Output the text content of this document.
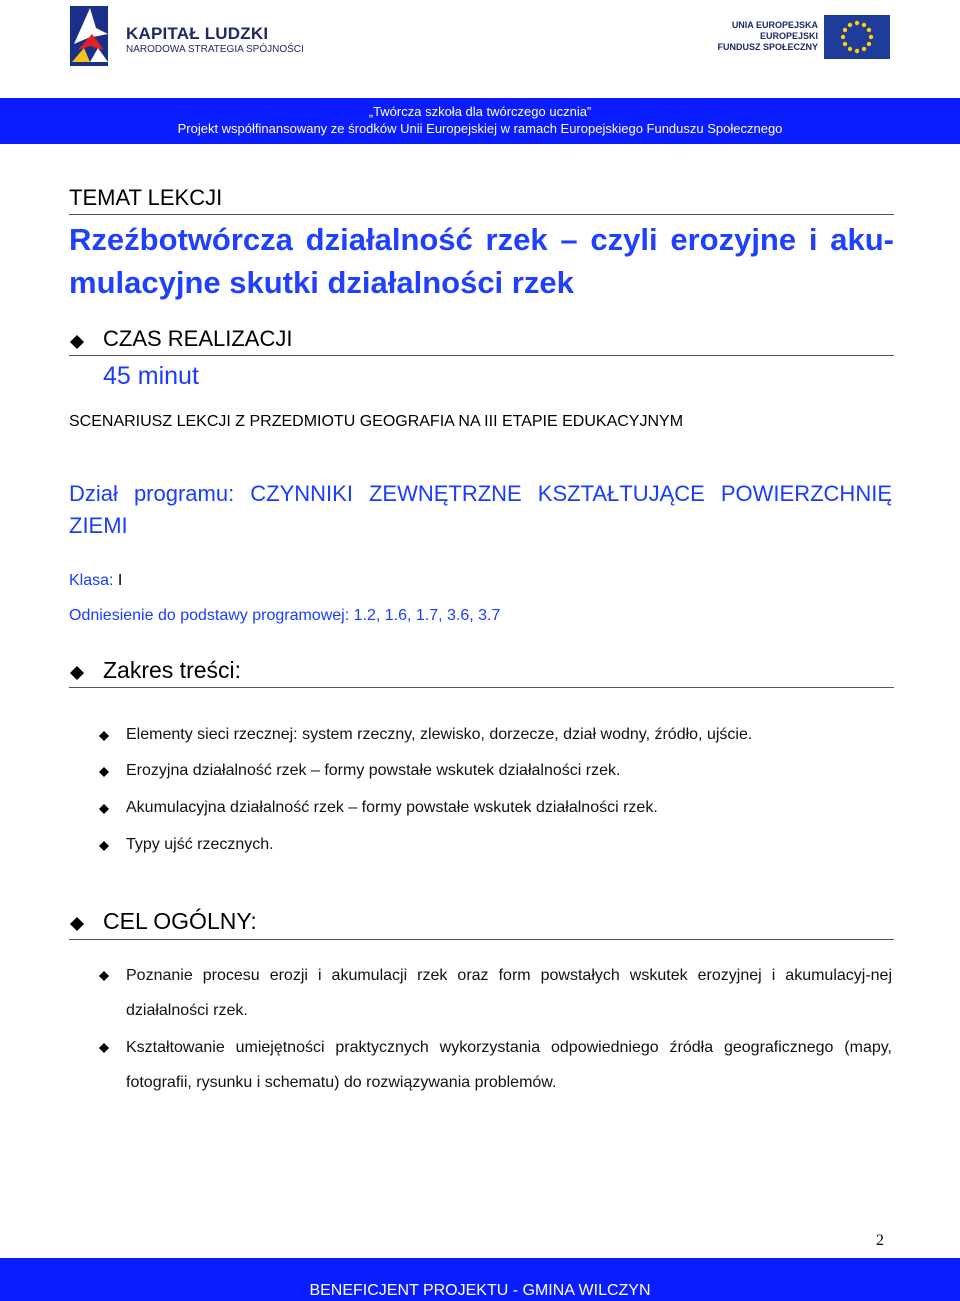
KAPITAŁ LUDZKI
NARODOWA STRATEGIA SPÓJNOŚCI
UNIA EUROPEJSKA
EUROPEJSKI
FUNDUSZ SPOŁECZNY
„Twórcza szkoła dla twórczego ucznia”
Projekt współfinansowany ze środków Unii Europejskiej w ramach Europejskiego Funduszu Społecznego
TEMAT LEKCJI
Rzeźbotwórcza działalność rzek – czyli erozyjne i aku-mulacyjne skutki działalności rzek
CZAS REALIZACJI
45 minut
SCENARIUSZ LEKCJI Z PRZEDMIOTU GEOGRAFIA NA III ETAPIE EDUKACYJNYM
Dział programu: CZYNNIKI ZEWNĘTRZNE KSZTAŁTUJĄCE POWIERZCHNIĘ ZIEMI
Klasa: I
Odniesienie do podstawy programowej: 1.2, 1.6, 1.7, 3.6, 3.7
Zakres treści:
Elementy sieci rzecznej: system rzeczny, zlewisko, dorzecze, dział wodny, źródło, ujście.
Erozyjna działalność rzek – formy powstałe wskutek działalności rzek.
Akumulacyjna działalność rzek – formy powstałe wskutek działalności rzek.
Typy ujść rzecznych.
CEL OGÓLNY:
Poznanie procesu erozji i akumulacji rzek oraz form powstałych wskutek erozyjnej i akumulacyj-nej działalności rzek.
Kształtowanie umiejętności praktycznych wykorzystania odpowiedniego źródła geograficznego (mapy, fotografii, rysunku i schematu) do rozwiązywania problemów.
2
BENEFICJENT PROJEKTU - GMINA WILCZYN
